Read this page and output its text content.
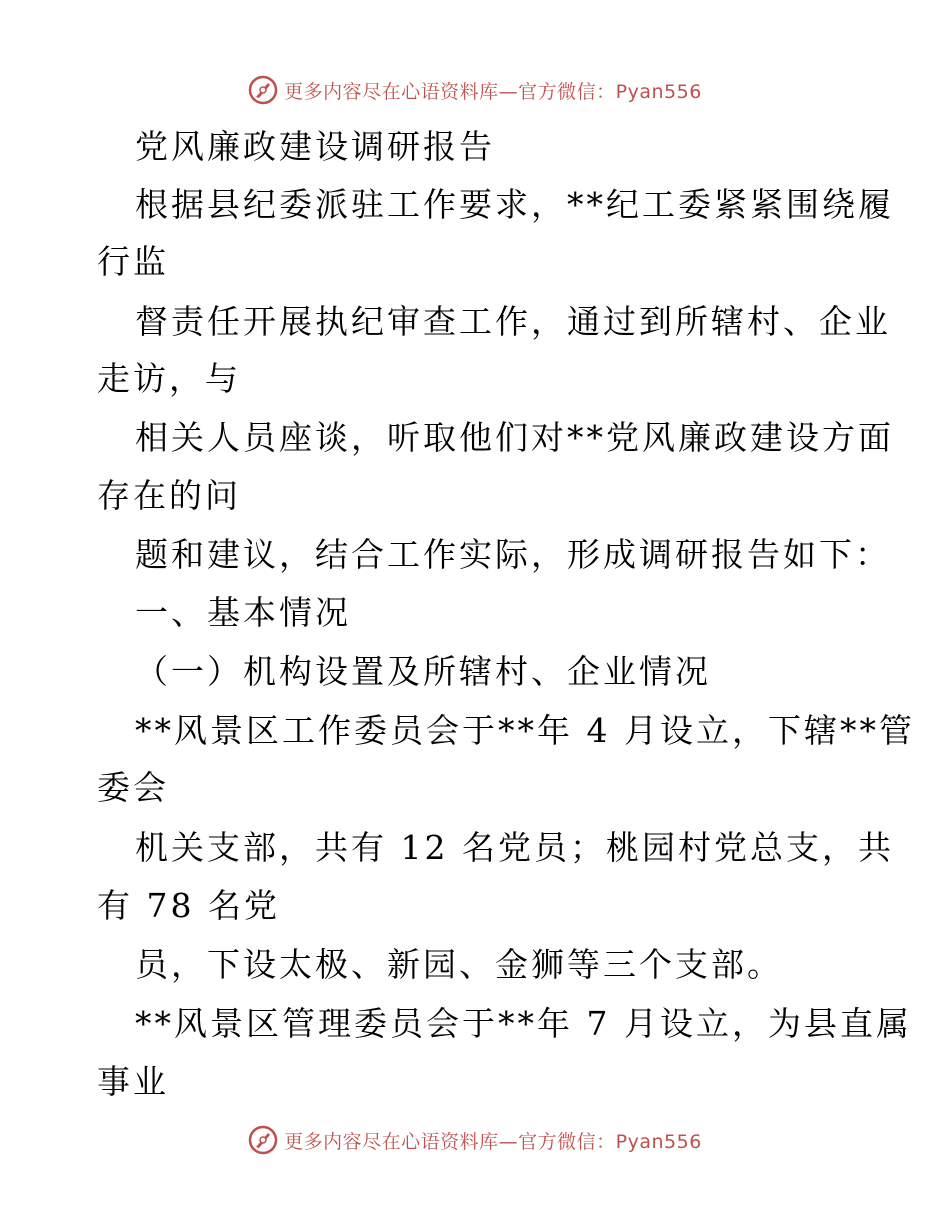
更多内容尽在心语资料库—官方微信：Pyan556
党风廉政建设调研报告
根据县纪委派驻工作要求，**纪工委紧紧围绕履
行监
督责任开展执纪审查工作，通过到所辖村、企业
走访，与
相关人员座谈，听取他们对**党风廉政建设方面
存在的问
题和建议，结合工作实际，形成调研报告如下：
一、基本情况
（一）机构设置及所辖村、企业情况
**风景区工作委员会于**年 4 月设立，下辖**管
委会
机关支部，共有 12 名党员；桃园村党总支，共
有 78 名党
员，下设太极、新园、金狮等三个支部。
**风景区管理委员会于**年 7 月设立，为县直属
事业
更多内容尽在心语资料库—官方微信：Pyan556
